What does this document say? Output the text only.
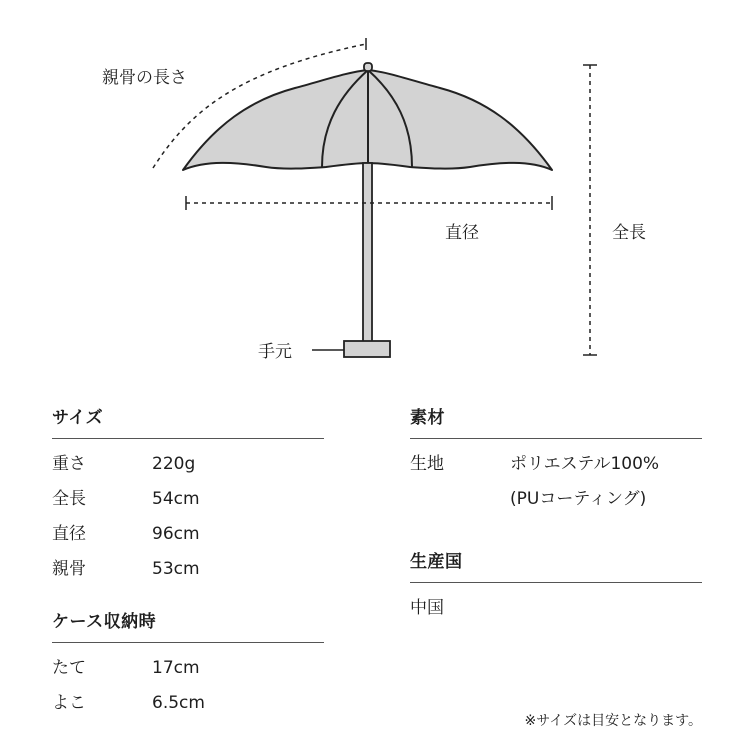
親骨の長さ
直径	全長
手元
サイズ
重さ	220g
全長	54cm
直径	96cm
親骨	53cm
ケース収納時
たて	17cm
よこ	6.5cm
素材
生地	ポリエステル100%
(PUコーティング)
生産国
中国
※サイズは目安となります。
